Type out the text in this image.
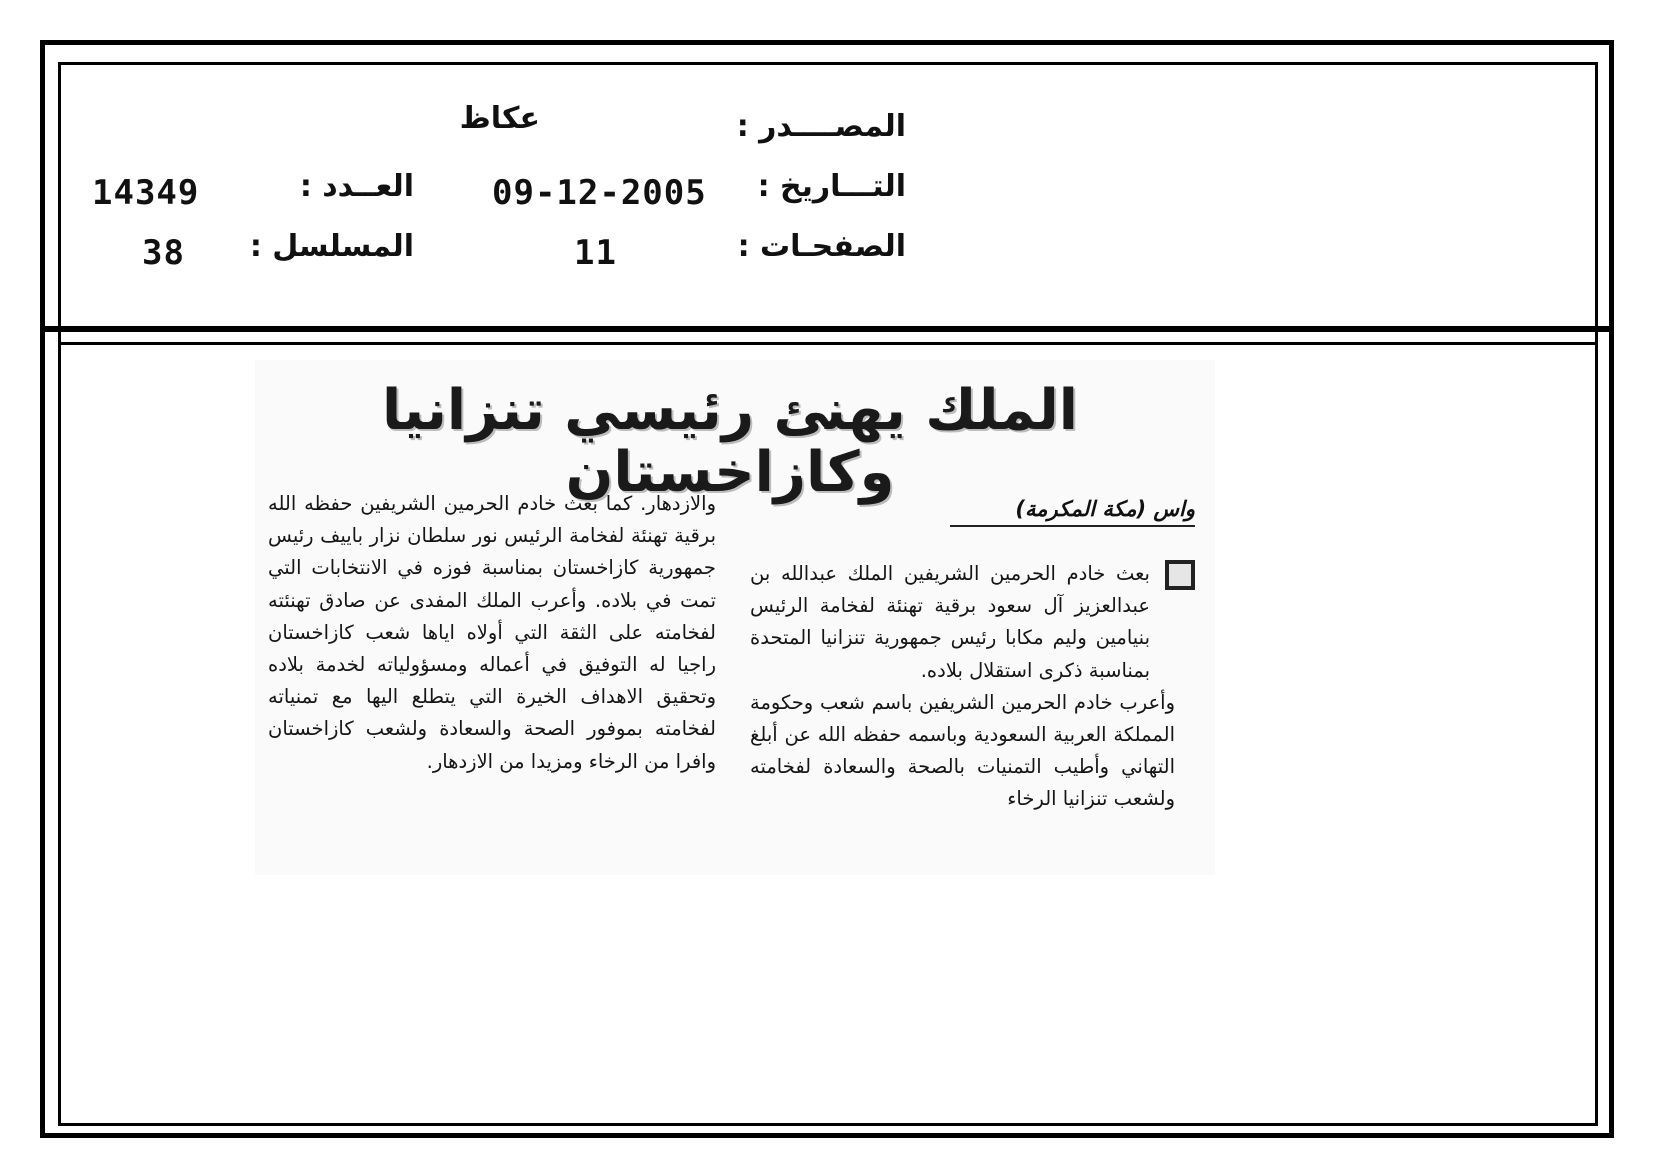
المصــــدر :
عكاظ
التـــاريخ :
09-12-2005
الصفحـات :
11
العــدد :
14349
المسلسل :
38
الملك يهنئ رئيسي تنزانيا وكازاخستان
واس (مكة المكرمة)

بعث خادم الحرمين الشريفين الملك عبدالله بن عبدالعزيز آل سعود برقية تهنئة لفخامة الرئيس بنيامين وليم مكابا رئيس جمهورية تنزانيا المتحدة بمناسبة ذكرى استقلال بلاده.

وأعرب خادم الحرمين الشريفين باسم شعب وحكومة المملكة العربية السعودية وباسمه حفظه الله عن أبلغ التهاني وأطيب التمنيات بالصحة والسعادة لفخامته ولشعب تنزانيا الرخاء

والازدهار. كما بعث خادم الحرمين الشريفين حفظه الله برقية تهنئة لفخامة الرئيس نور سلطان نزار باييف رئيس جمهورية كازاخستان بمناسبة فوزه في الانتخابات التي تمت في بلاده. وأعرب الملك المفدى عن صادق تهنئته لفخامته على الثقة التي أولاه اياها شعب كازاخستان راجيا له التوفيق في أعماله ومسؤولياته لخدمة بلاده وتحقيق الاهداف الخيرة التي يتطلع اليها مع تمنياته لفخامته بموفور الصحة والسعادة ولشعب كازاخستان وافرا من الرخاء ومزيدا من الازدهار.
